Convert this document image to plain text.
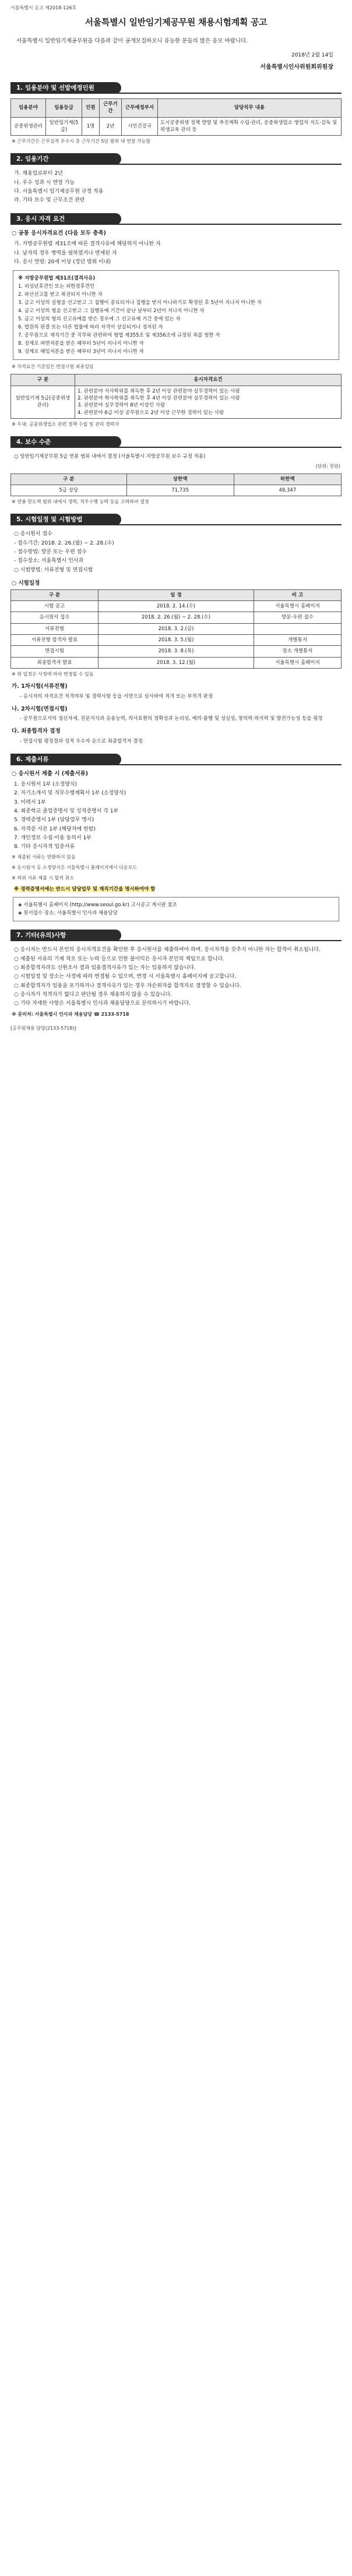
서울특별시 공고 제2018-126호
서울특별시 일반임기제공무원 채용시험계획 공고
서울특별시 일반임기제공무원을 다음과 같이 공개모집하오니 유능한 분들의 많은 응모 바랍니다.
2018년 2월 14일
서울특별시인사위원회위원장
1. 임용분야 및 선발예정인원
임용분야	임용등급	인원	근무기간	근무예정부서	담당직무 내용
공중위생관리	일반임기제(5급)	1명	2년	시민건강국	도시공중위생 정책 방향 및 추진계획 수립·관리, 공중위생업소 영업자 지도·감독 및 위생교육 관리 등
※ 근무기간은 근무실적 우수시 총 근무기간 5년 범위 내 연장 가능함
2. 임용기간
가. 채용일로부터 2년
나. 우수 성과 시 연장 가능
다. 서울특별시 임기제공무원 규정 적용
라. 기타 보수 및 근무조건 관련
3. 응시 자격 요건
○ 공통 응시자격요건 (다음 모두 충족)
가. 지방공무원법 제31조에 따른 결격사유에 해당하지 아니한 자
나. 남자의 경우 병역을 필하였거나 면제된 자
다. 응시 연령: 20세 이상 (정년 범위 이내)
※ 지방공무원법 제31조(결격사유)
1. 피성년후견인 또는 피한정후견인
2. 파산선고를 받고 복권되지 아니한 자
3. 금고 이상의 실형을 선고받고 그 집행이 종료되거나 집행을 받지 아니하기로 확정된 후 5년이 지나지 아니한 자
4. 금고 이상의 형을 선고받고 그 집행유예 기간이 끝난 날부터 2년이 지나지 아니한 자
5. 금고 이상의 형의 선고유예를 받은 경우에 그 선고유예 기간 중에 있는 자
6. 법원의 판결 또는 다른 법률에 따라 자격이 상실되거나 정지된 자
7. 공무원으로 재직기간 중 직무와 관련하여 형법 제355조 및 제356조에 규정된 죄를 범한 자
8. 징계로 파면처분을 받은 때부터 5년이 지나지 아니한 자
9. 징계로 해임처분을 받은 때부터 3년이 지나지 아니한 자
※ 자격요건 기준일은 면접시험 최종일임
구 분	응시자격요건
일반임기제 5급(공중위생관리)	1. 관련분야 석사학위를 취득한 후 2년 이상 관련분야 실무경력이 있는 사람
2. 관련분야 학사학위를 취득한 후 4년 이상 관련분야 실무경력이 있는 사람
3. 관련분야 실무경력이 8년 이상인 사람
4. 관련분야 6급 이상 공무원으로 2년 이상 근무한 경력이 있는 사람
※ 우대: 공중위생업소 관련 정책 수립 및 관리 경력자
4. 보수 수준
○ 일반임기제공무원 5급 연봉 범위 내에서 결정 (서울특별시 지방공무원 보수 규정 적용)
(단위: 천원)
구 분	상한액	하한액
5급 상당	71,735	49,347
※ 연봉 한도액 범위 내에서 경력, 직무수행 능력 등을 고려하여 결정
5. 시험일정 및 시험방법
○ 응시원서 접수
- 접수기간: 2018. 2. 26.(월) ~ 2. 28.(수)
- 접수방법: 방문 또는 우편 접수
- 접수장소: 서울특별시 인사과
○ 시험방법: 서류전형 및 면접시험
○ 시험일정
구 분	일 정	비 고
시험 공고	2018. 2. 14.(수)	서울특별시 홈페이지
응시원서 접수	2018. 2. 26.(월) ~ 2. 28.(수)	방문·우편 접수
서류전형	2018. 3. 2.(금)	
서류전형 합격자 발표	2018. 3. 5.(월)	개별통지
면접시험	2018. 3. 8.(목)	장소 개별통지
최종합격자 발표	2018. 3. 12.(월)	서울특별시 홈페이지
※ 위 일정은 사정에 따라 변경될 수 있음
가. 1차시험(서류전형)
- 응시자의 자격요건 적격여부 및 경력사항 등을 서면으로 심사하여 적격 또는 부적격 판정
나. 2차시험(면접시험)
- 공무원으로서의 정신자세, 전문지식과 응용능력, 의사표현의 정확성과 논리성, 예의·품행 및 성실성, 창의력·의지력 및 발전가능성 등을 평정
다. 최종합격자 결정
- 면접시험 평정결과 성적 우수자 순으로 최종합격자 결정
6. 제출서류
○ 응시원서 제출 시 (제출서류)
1. 응시원서 1부 (소정양식)
2. 자기소개서 및 직무수행계획서 1부 (소정양식)
3. 이력서 1부
4. 최종학교 졸업증명서 및 성적증명서 각 1부
5. 경력증명서 1부 (담당업무 명시)
6. 자격증 사본 1부 (해당자에 한함)
7. 개인정보 수집·이용 동의서 1부
8. 기타 응시자격 입증서류
※ 제출된 서류는 반환하지 않음
※ 응시원서 등 소정양식은 서울특별시 홈페이지에서 다운로드
※ 허위 서류 제출 시 합격 취소
※ 경력증명서에는 반드시 담당업무 및 재직기간을 명시하여야 함
◈ 서울특별시 홈페이지 (http://www.seoul.go.kr) 고시공고 게시판 참조
◈ 원서접수 장소: 서울특별시 인사과 채용담당
7. 기타(유의)사항
○ 응시자는 반드시 본인의 응시자격요건을 확인한 후 응시원서를 제출하여야 하며, 응시자격을 갖추지 아니한 자는 합격이 취소됩니다.
○ 제출된 서류의 기재 착오 또는 누락 등으로 인한 불이익은 응시자 본인의 책임으로 합니다.
○ 최종합격자라도 신원조사 결과 임용결격사유가 있는 자는 임용하지 않습니다.
○ 시험일정 및 장소는 사정에 따라 변경될 수 있으며, 변경 시 서울특별시 홈페이지에 공고합니다.
○ 최종합격자가 임용을 포기하거나 결격사유가 있는 경우 차순위자를 합격자로 결정할 수 있습니다.
○ 응시자가 적격자가 없다고 판단될 경우 채용하지 않을 수 있습니다.
○ 기타 자세한 사항은 서울특별시 인사과 채용담당으로 문의하시기 바랍니다.
※ 문의처: 서울특별시 인사과 채용담당 ☎ 2133-5718
[공무원채용 담당(2133-5718)]
